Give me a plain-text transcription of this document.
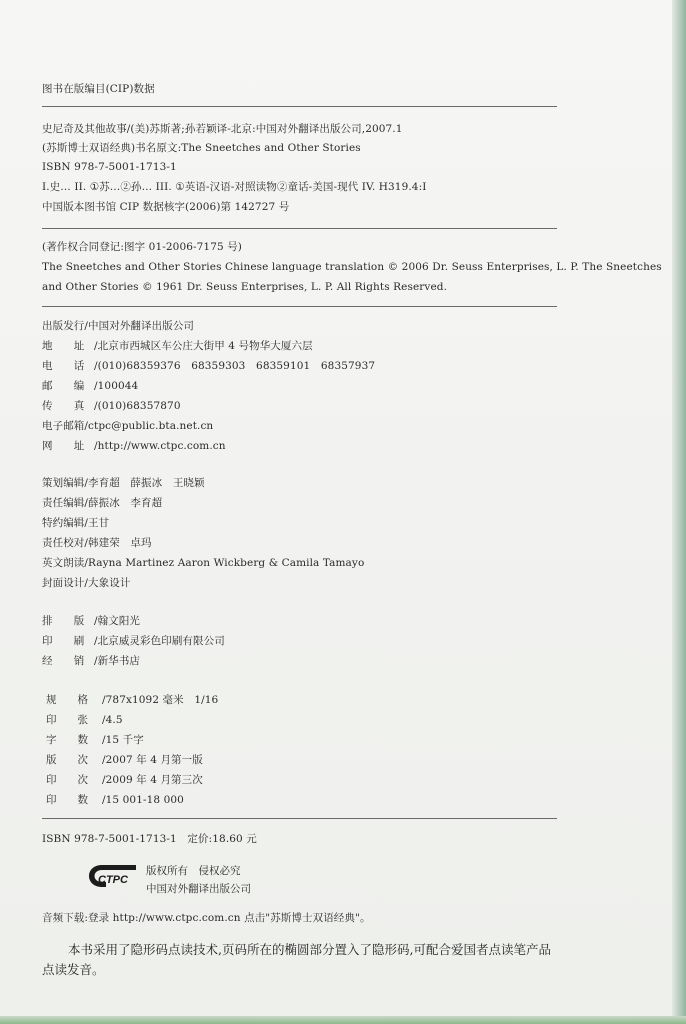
图书在版编目(CIP)数据
史尼奇及其他故事/(美)苏斯著;孙若颖译-北京:中国对外翻译出版公司,2007.1
(苏斯博士双语经典)书名原文:The Sneetches and Other Stories
ISBN 978-7-5001-1713-1
I.史… II. ①苏…②孙… III. ①英语-汉语-对照读物②童话-美国-现代 IV. H319.4:I
中国版本图书馆 CIP 数据核字(2006)第 142727 号
(著作权合同登记:图字 01-2006-7175 号)
The Sneetches and Other Stories Chinese language translation © 2006 Dr. Seuss Enterprises, L. P. The Sneetches
and Other Stories © 1961 Dr. Seuss Enterprises, L. P. All Rights Reserved.
出版发行/中国对外翻译出版公司
地　　址 /北京市西城区车公庄大街甲 4 号物华大厦六层
电　　话 /(010)68359376　68359303　68359101　68357937
邮　　编 /100044
传　　真 /(010)68357870
电子邮箱/ctpc@public.bta.net.cn
网　　址 /http://www.ctpc.com.cn
策划编辑/李育超　薛振冰　王晓颖
责任编辑/薛振冰　李育超
特约编辑/王甘
责任校对/韩建荣　卓玛
英文朗读/Rayna Martinez Aaron Wickberg & Camila Tamayo
封面设计/大象设计
排　　版 /翰文阳光
印　　刷 /北京威灵彩色印刷有限公司
经　　销 /新华书店
规　　格 /787x1092 毫米　1/16
印　　张 /4.5
字　　数 /15 千字
版　　次 /2007 年 4 月第一版
印　　次 /2009 年 4 月第三次
印　　数 /15 001-18 000
ISBN 978-7-5001-1713-1　定价:18.60 元
CTPC
版权所有　侵权必究
中国对外翻译出版公司
音频下载:登录 http://www.ctpc.com.cn 点击"苏斯博士双语经典"。
本书采用了隐形码点读技术,页码所在的椭圆部分置入了隐形码,可配合爱国者点读笔产品点读发音。
